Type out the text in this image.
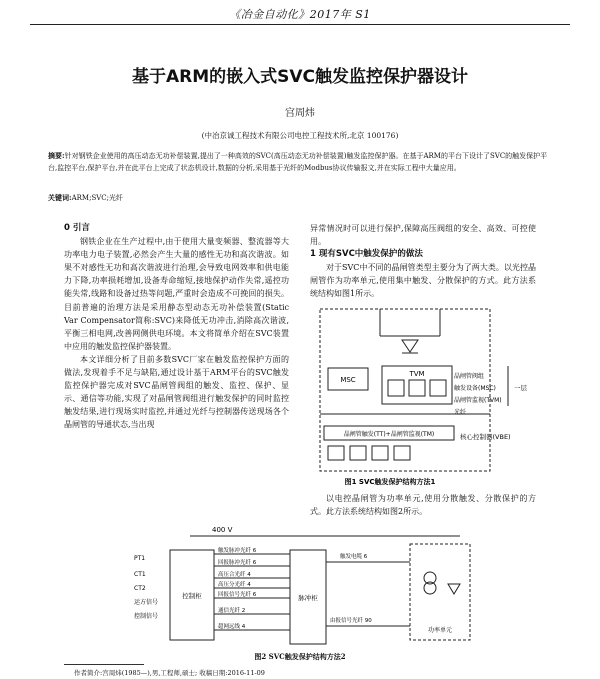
《冶金自动化》2017年 S1
基于ARM的嵌入式SVC触发监控保护器设计
宫周炜
(中冶京诚工程技术有限公司电控工程技术所,北京 100176)
摘要:针对钢铁企业使用的高压动态无功补偿装置,提出了一种高效的SVC(高压动态无功补偿装置)触发监控保护器。在基于ARM的平台下设计了SVC的触发保护平台,监控平台,保护平台,并在此平台上完成了状态机设计,数据的分析,采用基于光纤的Modbus协议传输报文,并在实际工程中大量应用。
关键词:ARM;SVC;光纤

0 引言

钢铁企业在生产过程中,由于使用大量变频器、整流器等大功率电力电子装置,必然会产生大量的感性无功和高次谐波。如果不对感性无功和高次谐波进行治理,会导致电网效率和供电能力下降,功率损耗增加,设备寿命缩短,接地保护动作失常,遥控功能失常,线路和设备过热等问题,严重时会造成不可挽回的损失。目前普遍的治理方法是采用静态型动态无功补偿装置(Static Var Compensator简称:SVC)来降低无功冲击,消除高次谐波,平衡三相电网,改善网侧供电环境。本文将简单介绍在SVC装置中应用的触发监控保护器装置。

本文详细分析了目前多数SVC厂家在触发监控保护方面的做法,发现着手不足与缺陷,通过设计基于ARM平台的SVC触发监控保护器完成对SVC晶闸管阀组的触发、监控、保护、显示、通信等功能,实现了对晶闸管阀组进行触发保护的同时监控触发结果,进行现场实时监控,并通过光纤与控制器传送现场各个晶闸管的导通状态,当出现

异常情况时可以进行保护,保障高压阀组的安全、高效、可控使用。

1 现有SVC中触发保护的做法

对于SVC中不同的晶闸管类型主要分为了两大类。以光控晶闸管作为功率单元,使用集中触发、分散保护的方式。此方法系统结构如图1所示。

MSC
TVM
晶闸管触发(TT)+晶闸管监视(TM)	核心控制器(VBE)
晶闸管阀组
触发设备(MSC)
晶闸管监视(TVM)
光纤
一层
图1 SVC触发保护结构方法1

以电控晶闸管为功率单元,使用分散触发、分散保护的方式。此方法系统结构如图2所示。

400 V
控制柜
PT1
CT1
CT2
运方信号
控制信号
脉冲柜
触发脉冲光纤 6
回报脉冲光纤 6
高压合光纤 4
高压分光纤 4
回报信号光纤 6
通信光纤 2
超网远线 4
触发电缆 6
由报信号光纤 90
功率单元
图2 SVC触发保护结构方法2
作者简介:宫周炜(1985—),男,工程师,硕士; 收稿日期:2016-11-09
